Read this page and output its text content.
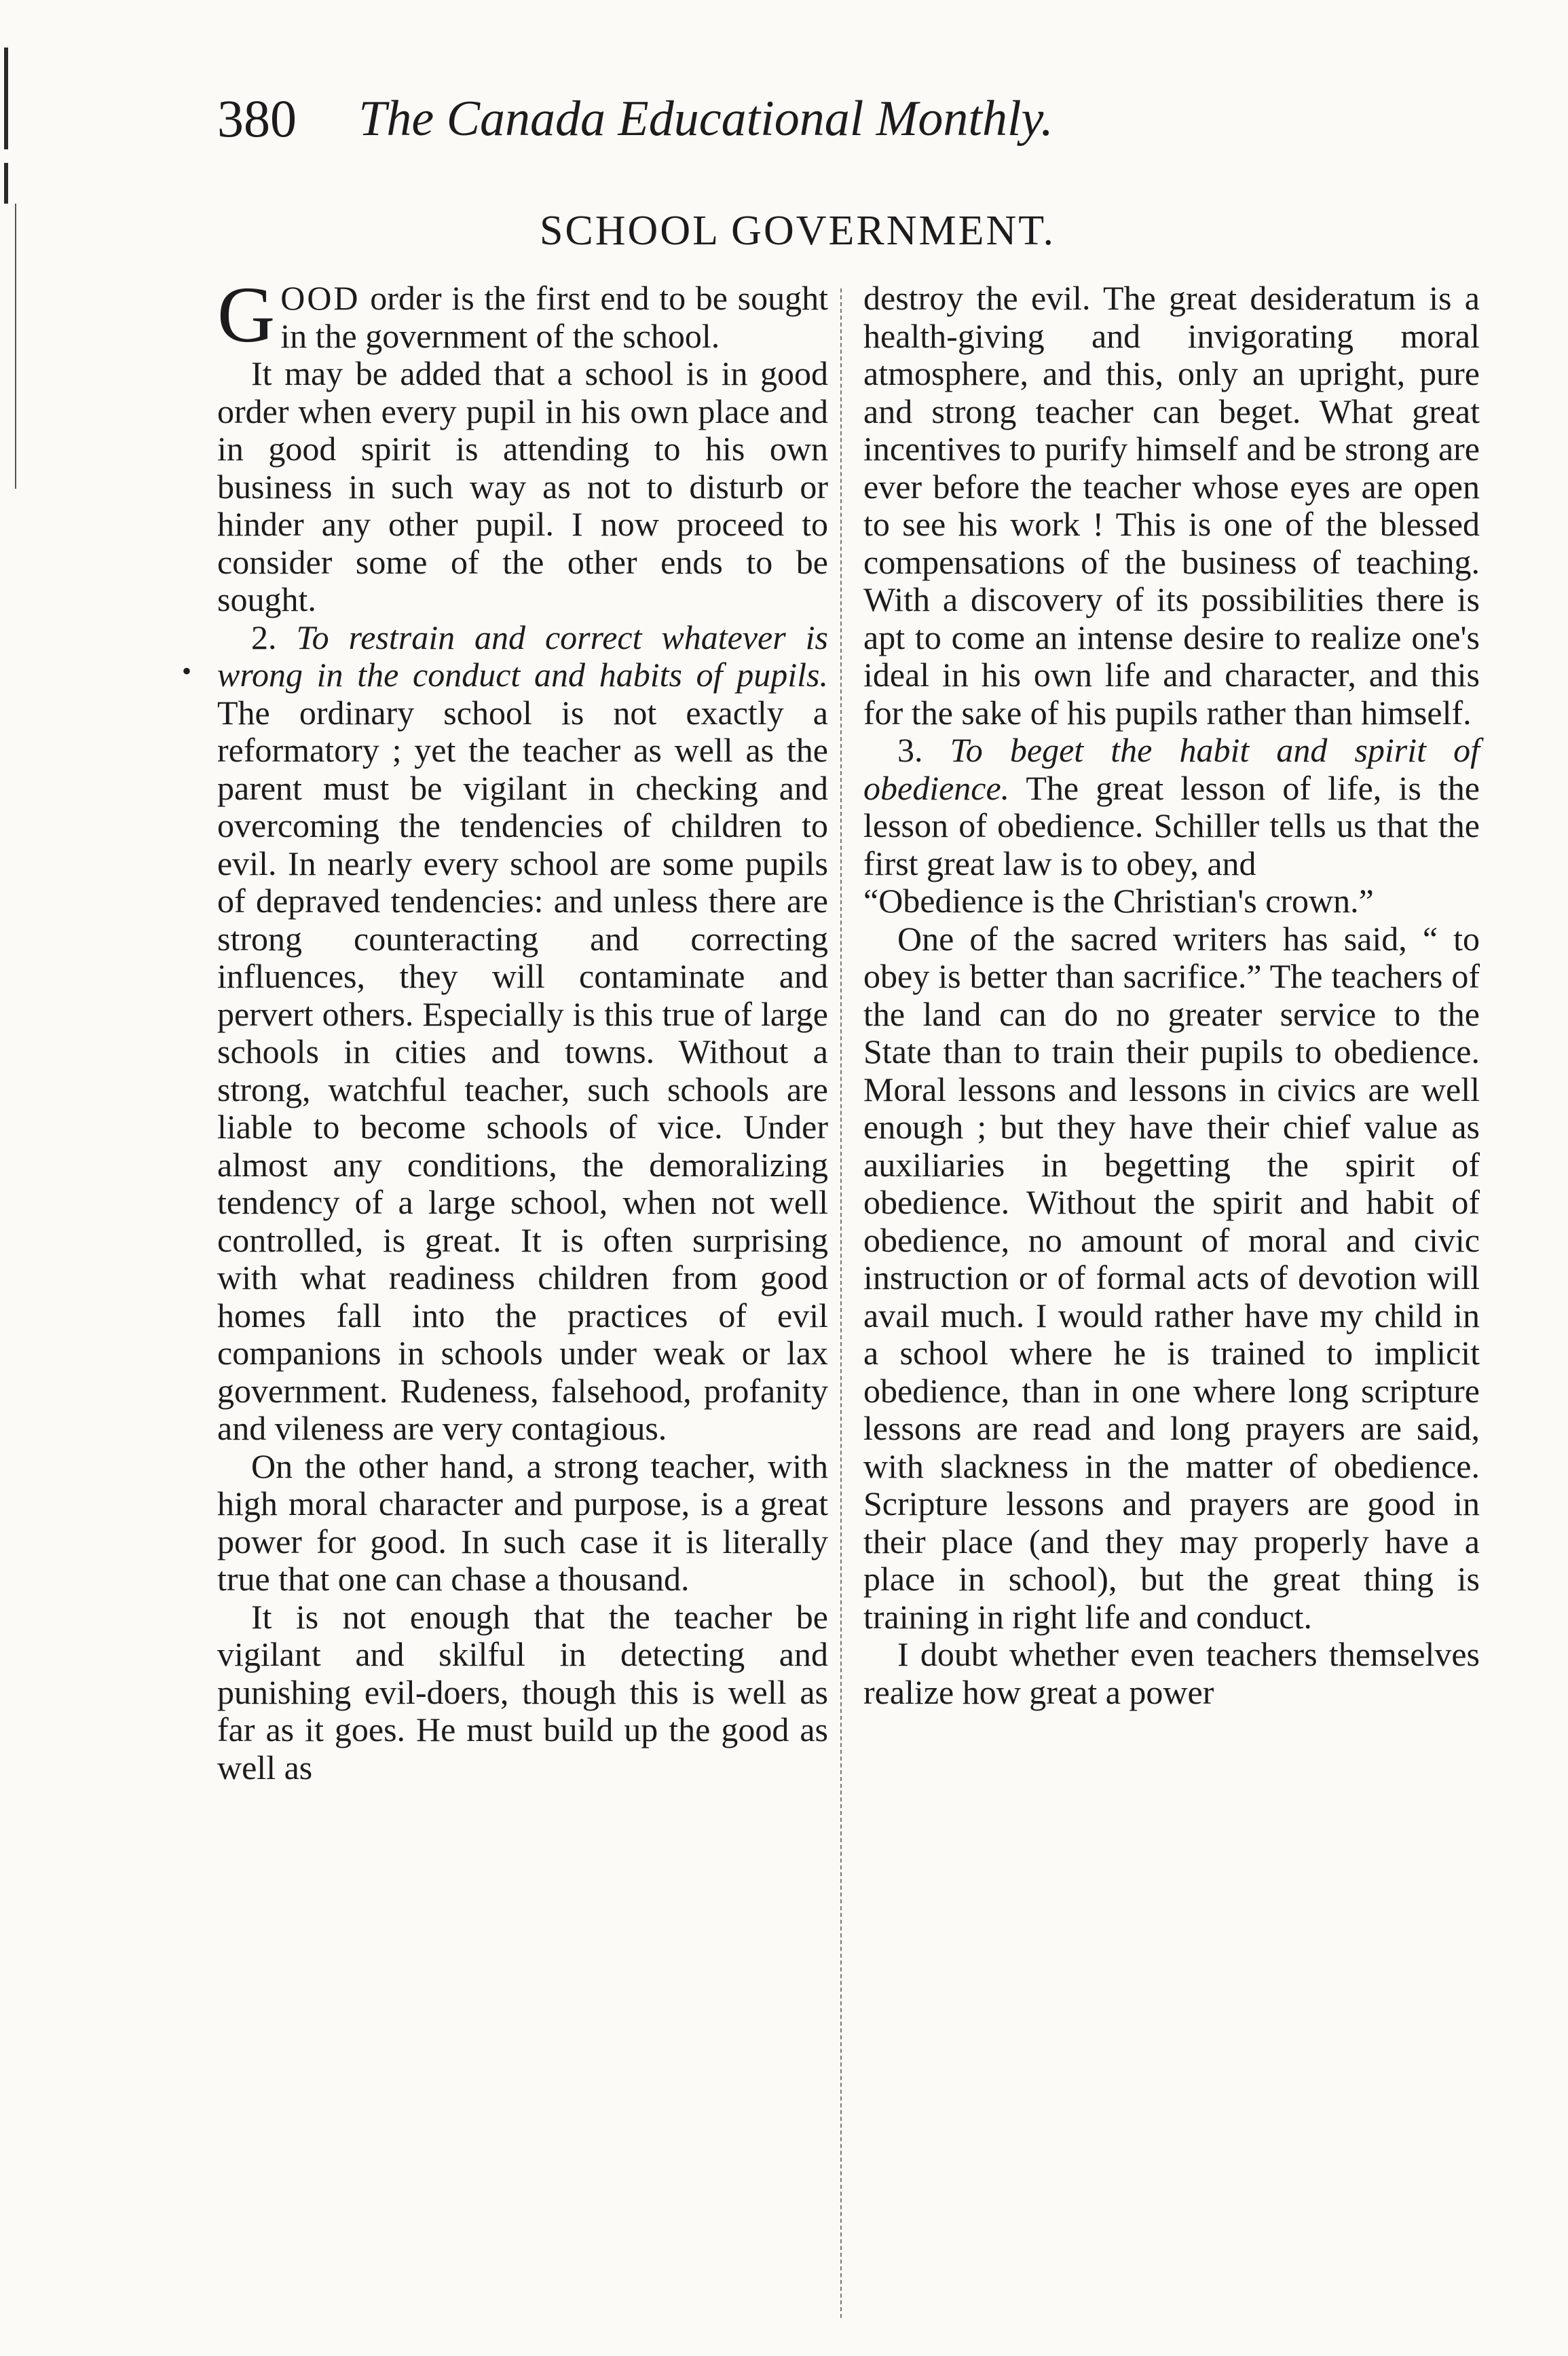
380	The Canada Educational Monthly.
SCHOOL GOVERNMENT.
•

GOOD order is the first end to be sought in the government of the school.

It may be added that a school is in good order when every pupil in his own place and in good spirit is attending to his own business in such way as not to disturb or hinder any other pupil. I now proceed to consider some of the other ends to be sought.

2. To restrain and correct whatever is wrong in the conduct and habits of pupils. The ordinary school is not exactly a reformatory ; yet the teacher as well as the parent must be vigilant in checking and overcoming the tendencies of children to evil. In nearly every school are some pupils of depraved tendencies: and unless there are strong counteracting and correcting influences, they will contaminate and pervert others. Especially is this true of large schools in cities and towns. Without a strong, watchful teacher, such schools are liable to become schools of vice. Under almost any conditions, the demoralizing tendency of a large school, when not well controlled, is great. It is often surprising with what readiness children from good homes fall into the practices of evil companions in schools under weak or lax government. Rudeness, falsehood, profanity and vileness are very contagious.

On the other hand, a strong teacher, with high moral character and purpose, is a great power for good. In such case it is literally true that one can chase a thousand.

It is not enough that the teacher be vigilant and skilful in detecting and punishing evil-doers, though this is well as far as it goes. He must build up the good as well as

destroy the evil. The great desideratum is a health-giving and invigorating moral atmosphere, and this, only an upright, pure and strong teacher can beget. What great incentives to purify himself and be strong are ever before the teacher whose eyes are open to see his work ! This is one of the blessed compensations of the business of teaching. With a discovery of its possibilities there is apt to come an intense desire to realize one's ideal in his own life and character, and this for the sake of his pupils rather than himself.

3. To beget the habit and spirit of obedience. The great lesson of life, is the lesson of obedience. Schiller tells us that the first great law is to obey, and

“Obedience is the Christian's crown.”

One of the sacred writers has said, “ to obey is better than sacrifice.” The teachers of the land can do no greater service to the State than to train their pupils to obedience. Moral lessons and lessons in civics are well enough ; but they have their chief value as auxiliaries in begetting the spirit of obedience. Without the spirit and habit of obedience, no amount of moral and civic instruction or of formal acts of devotion will avail much. I would rather have my child in a school where he is trained to implicit obedience, than in one where long scripture lessons are read and long prayers are said, with slackness in the matter of obedience. Scripture lessons and prayers are good in their place (and they may properly have a place in school), but the great thing is training in right life and conduct.

I doubt whether even teachers themselves realize how great a power
